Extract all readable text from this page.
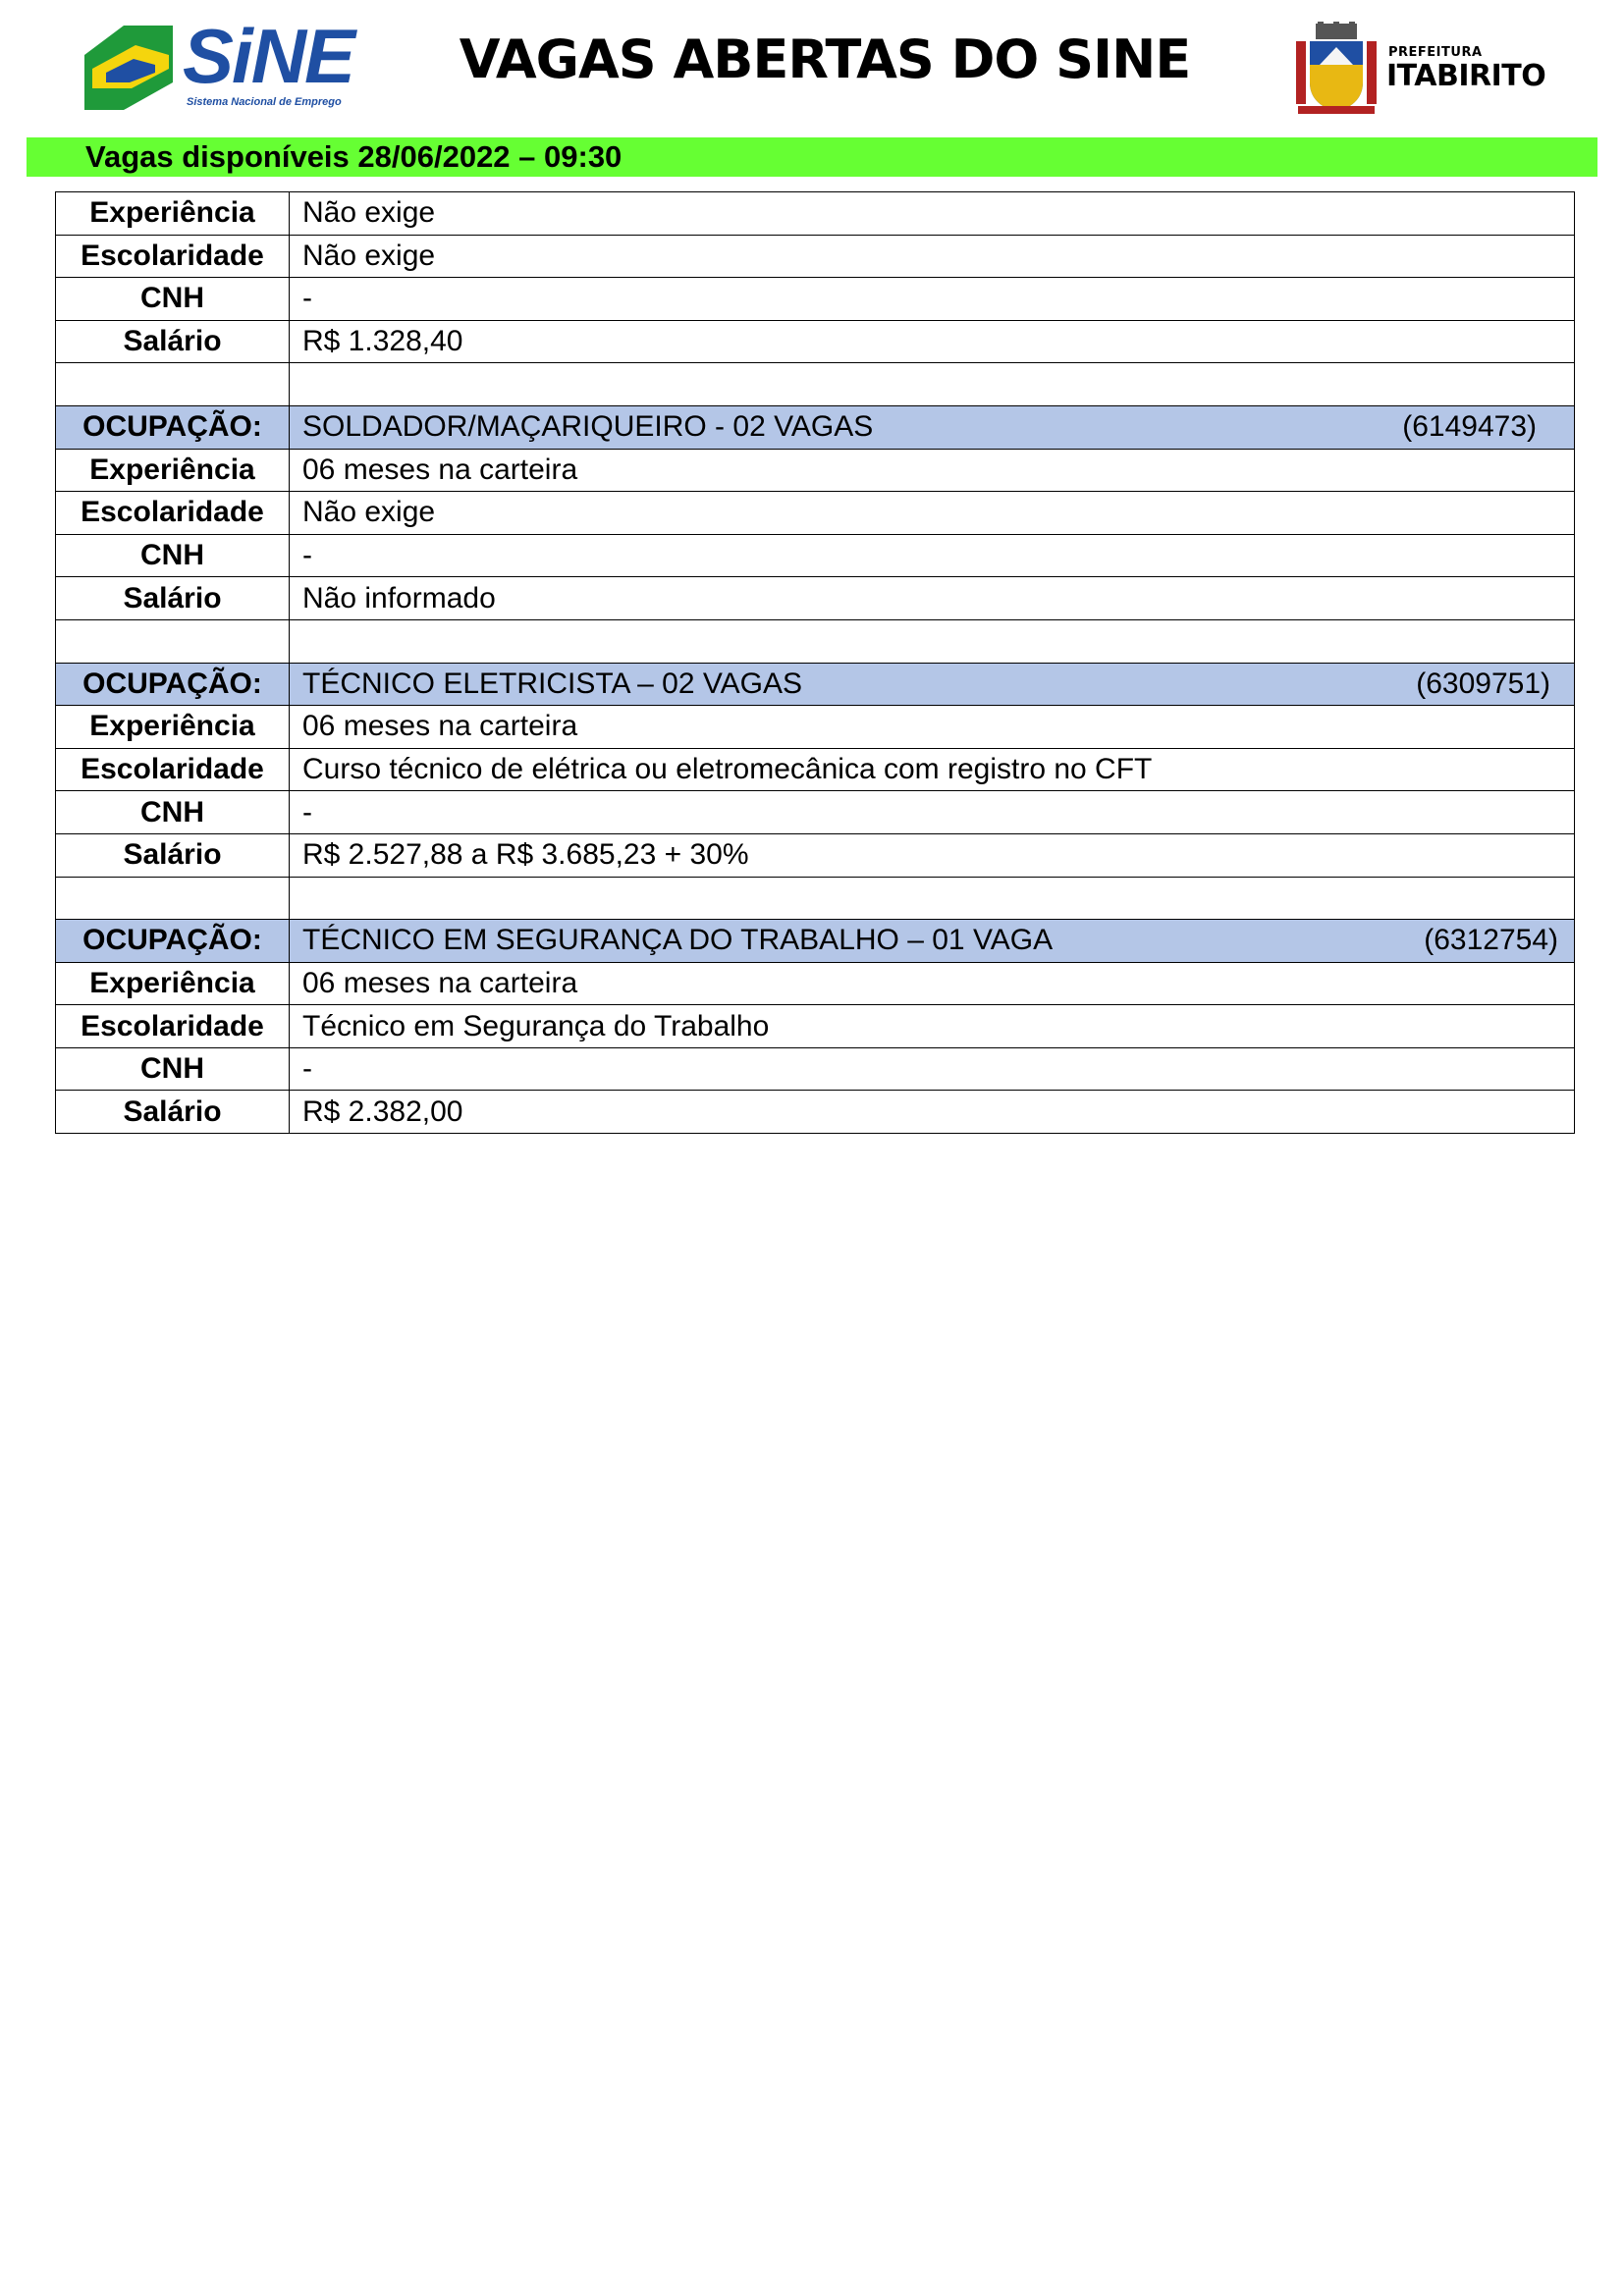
SiNE
Sistema Nacional de Emprego
VAGAS ABERTAS DO SINE	PREFEITURA
ITABIRITO
Vagas disponíveis 28/06/2022 – 09:30
Experiência	Não exige
Escolaridade	Não exige
CNH	-
Salário	R$ 1.328,40

OCUPAÇÃO:	SOLDADOR/MAÇARIQUEIRO - 02 VAGAS (6149473)

Experiência	06 meses na carteira
Escolaridade	Não exige
CNH	-
Salário	Não informado

OCUPAÇÃO:	TÉCNICO ELETRICISTA – 02 VAGAS (6309751)

Experiência	06 meses na carteira
Escolaridade	Curso técnico de elétrica ou eletromecânica com registro no CFT
CNH	-
Salário	R$ 2.527,88 a R$ 3.685,23 + 30%

OCUPAÇÃO:	TÉCNICO EM SEGURANÇA DO TRABALHO – 01 VAGA (6312754)

Experiência	06 meses na carteira
Escolaridade	Técnico em Segurança do Trabalho
CNH	-
Salário	R$ 2.382,00
